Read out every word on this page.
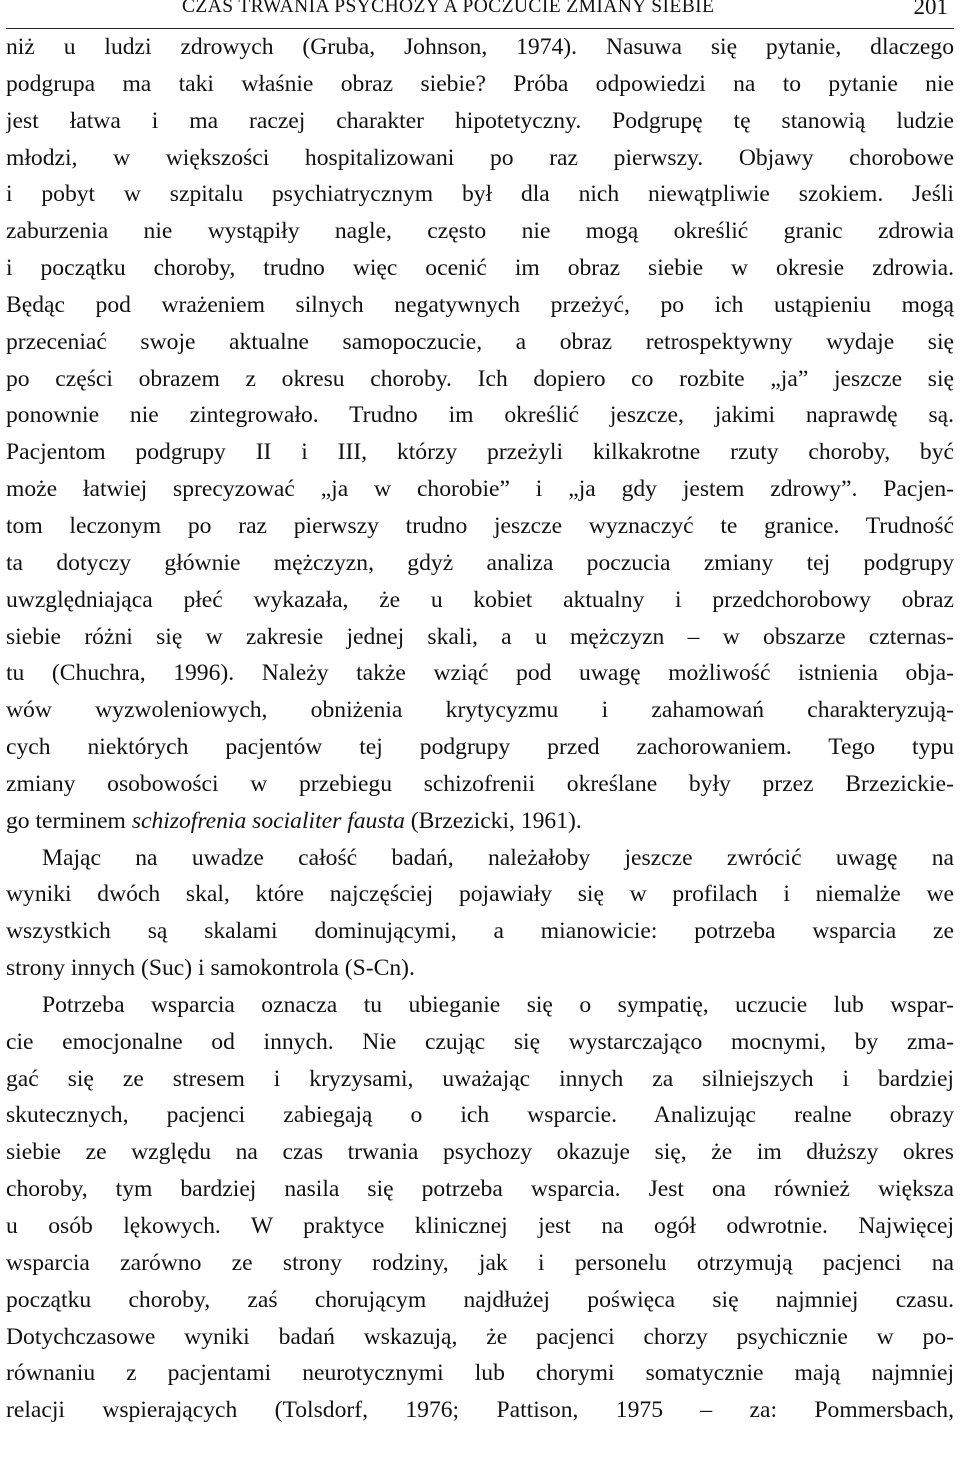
CZAS TRWANIA PSYCHOZY A POCZUCIE ZMIANY SIEBIE	201
niż u ludzi zdrowych (Gruba, Johnson, 1974). Nasuwa się pytanie, dlaczego
podgrupa ma taki właśnie obraz siebie? Próba odpowiedzi na to pytanie nie
jest łatwa i ma raczej charakter hipotetyczny. Podgrupę tę stanowią ludzie
młodzi, w większości hospitalizowani po raz pierwszy. Objawy chorobowe
i pobyt w szpitalu psychiatrycznym był dla nich niewątpliwie szokiem. Jeśli
zaburzenia nie wystąpiły nagle, często nie mogą określić granic zdrowia
i początku choroby, trudno więc ocenić im obraz siebie w okresie zdrowia.
Będąc pod wrażeniem silnych negatywnych przeżyć, po ich ustąpieniu mogą
przeceniać swoje aktualne samopoczucie, a obraz retrospektywny wydaje się
po części obrazem z okresu choroby. Ich dopiero co rozbite „ja” jeszcze się
ponownie nie zintegrowało. Trudno im określić jeszcze, jakimi naprawdę są.
Pacjentom podgrupy II i III, którzy przeżyli kilkakrotne rzuty choroby, być
może łatwiej sprecyzować „ja w chorobie” i „ja gdy jestem zdrowy”. Pacjen-
tom leczonym po raz pierwszy trudno jeszcze wyznaczyć te granice. Trudność
ta dotyczy głównie mężczyzn, gdyż analiza poczucia zmiany tej podgrupy
uwzględniająca płeć wykazała, że u kobiet aktualny i przedchorobowy obraz
siebie różni się w zakresie jednej skali, a u mężczyzn – w obszarze czternas-
tu (Chuchra, 1996). Należy także wziąć pod uwagę możliwość istnienia obja-
wów wyzwoleniowych, obniżenia krytycyzmu i zahamowań charakteryzują-
cych niektórych pacjentów tej podgrupy przed zachorowaniem. Tego typu
zmiany osobowości w przebiegu schizofrenii określane były przez Brzezickie-
go terminem schizofrenia socialiter fausta (Brzezicki, 1961).
Mając na uwadze całość badań, należałoby jeszcze zwrócić uwagę na
wyniki dwóch skal, które najczęściej pojawiały się w profilach i niemalże we
wszystkich są skalami dominującymi, a mianowicie: potrzeba wsparcia ze
strony innych (Suc) i samokontrola (S-Cn).
Potrzeba wsparcia oznacza tu ubieganie się o sympatię, uczucie lub wspar-
cie emocjonalne od innych. Nie czując się wystarczająco mocnymi, by zma-
gać się ze stresem i kryzysami, uważając innych za silniejszych i bardziej
skutecznych, pacjenci zabiegają o ich wsparcie. Analizując realne obrazy
siebie ze względu na czas trwania psychozy okazuje się, że im dłuższy okres
choroby, tym bardziej nasila się potrzeba wsparcia. Jest ona również większa
u osób lękowych. W praktyce klinicznej jest na ogół odwrotnie. Najwięcej
wsparcia zarówno ze strony rodziny, jak i personelu otrzymują pacjenci na
początku choroby, zaś chorującym najdłużej poświęca się najmniej czasu.
Dotychczasowe wyniki badań wskazują, że pacjenci chorzy psychicznie w po-
równaniu z pacjentami neurotycznymi lub chorymi somatycznie mają najmniej
relacji wspierających (Tolsdorf, 1976; Pattison, 1975 – za: Pommersbach,
